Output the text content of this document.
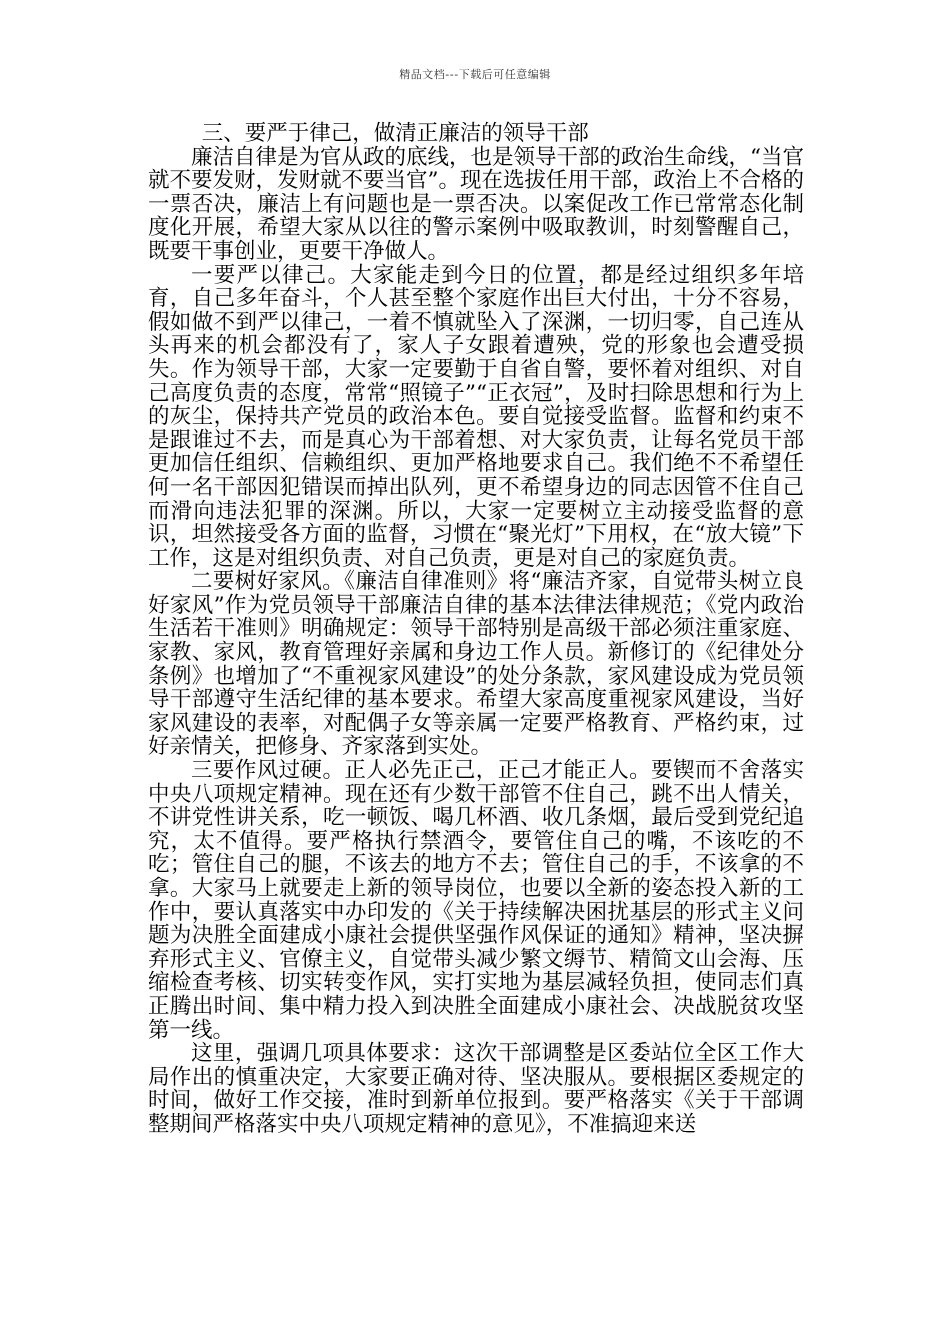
精品文档---下载后可任意编辑

三、要严于律己，做清正廉洁的领导干部

廉洁自律是为官从政的底线，也是领导干部的政治生命线，“当官就不要发财，发财就不要当官”。现在选拔任用干部，政治上不合格的一票否决，廉洁上有问题也是一票否决。以案促改工作已常常态化制度化开展，希望大家从以往的警示案例中吸取教训，时刻警醒自己，既要干事创业，更要干净做人。

一要严以律己。大家能走到今日的位置，都是经过组织多年培育，自己多年奋斗，个人甚至整个家庭作出巨大付出，十分不容易，假如做不到严以律己，一着不慎就坠入了深渊，一切归零，自己连从头再来的机会都没有了，家人子女跟着遭殃，党的形象也会遭受损失。作为领导干部，大家一定要勤于自省自警，要怀着对组织、对自己高度负责的态度，常常“照镜子”“正衣冠”，及时扫除思想和行为上的灰尘，保持共产党员的政治本色。要自觉接受监督。监督和约束不是跟谁过不去，而是真心为干部着想、对大家负责，让每名党员干部更加信任组织、信赖组织、更加严格地要求自己。我们绝不不希望任何一名干部因犯错误而掉出队列，更不希望身边的同志因管不住自己而滑向违法犯罪的深渊。所以，大家一定要树立主动接受监督的意识，坦然接受各方面的监督，习惯在“聚光灯”下用权，在“放大镜”下工作，这是对组织负责、对自己负责，更是对自己的家庭负责。

二要树好家风。《廉洁自律准则》将“廉洁齐家，自觉带头树立良好家风”作为党员领导干部廉洁自律的基本法律法律规范；《党内政治生活若干准则》明确规定：领导干部特别是高级干部必须注重家庭、家教、家风，教育管理好亲属和身边工作人员。新修订的《纪律处分条例》也增加了“不重视家风建设”的处分条款，家风建设成为党员领导干部遵守生活纪律的基本要求。希望大家高度重视家风建设，当好家风建设的表率，对配偶子女等亲属一定要严格教育、严格约束，过好亲情关，把修身、齐家落到实处。

三要作风过硬。正人必先正己，正己才能正人。要锲而不舍落实中央八项规定精神。现在还有少数干部管不住自己，跳不出人情关，不讲党性讲关系，吃一顿饭、喝几杯酒、收几条烟，最后受到党纪追究，太不值得。要严格执行禁酒令，要管住自己的嘴，不该吃的不吃；管住自己的腿，不该去的地方不去；管住自己的手，不该拿的不拿。大家马上就要走上新的领导岗位，也要以全新的姿态投入新的工作中，要认真落实中办印发的《关于持续解决困扰基层的形式主义问题为决胜全面建成小康社会提供坚强作风保证的通知》精神，坚决摒弃形式主义、官僚主义，自觉带头减少繁文缛节、精简文山会海、压缩检查考核、切实转变作风，实打实地为基层减轻负担，使同志们真正腾出时间、集中精力投入到决胜全面建成小康社会、决战脱贫攻坚第一线。

这里，强调几项具体要求：这次干部调整是区委站位全区工作大局作出的慎重决定，大家要正确对待、坚决服从。要根据区委规定的时间，做好工作交接，准时到新单位报到。要严格落实《关于干部调整期间严格落实中央八项规定精神的意见》，不准搞迎来送
